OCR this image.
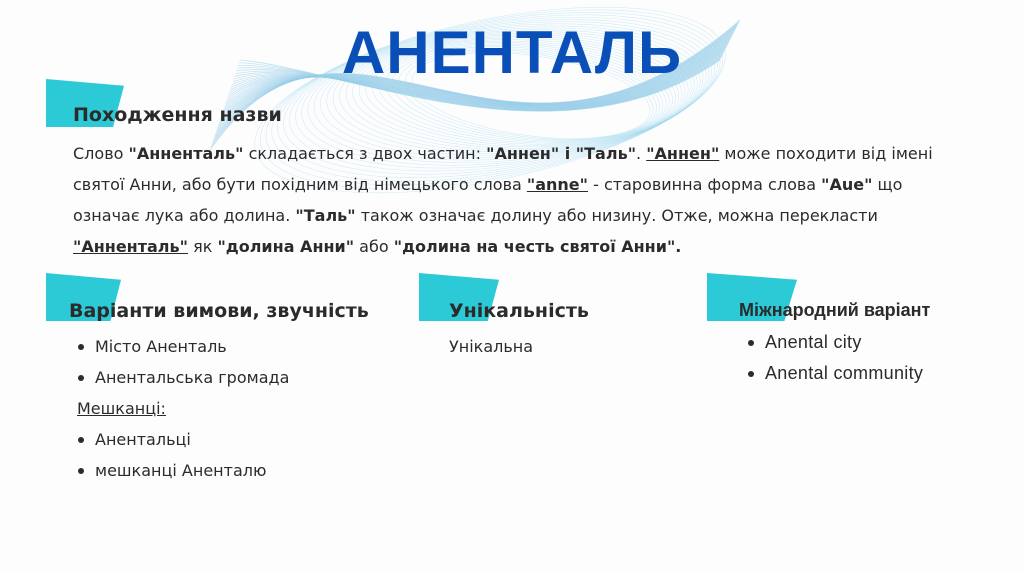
АНЕНТАЛЬ
Походження назви
Слово "Анненталь" складається з двох частин: "Аннен" і "Таль". "Аннен" може походити від імені святої Анни, або бути похідним від німецького слова "anne" - старовинна форма слова "Aue" що означає лука або долина. "Таль" також означає долину або низину. Отже, можна перекласти "Анненталь" як "долина Анни" або "долина на честь святої Анни".
Варіанти вимови, звучність
Місто Аненталь
Анентальська громада
Мешканці:
Анентальці
мешканці Аненталю
Унікальність
Унікальна
Міжнародний варіант
Anental city
Anental community
